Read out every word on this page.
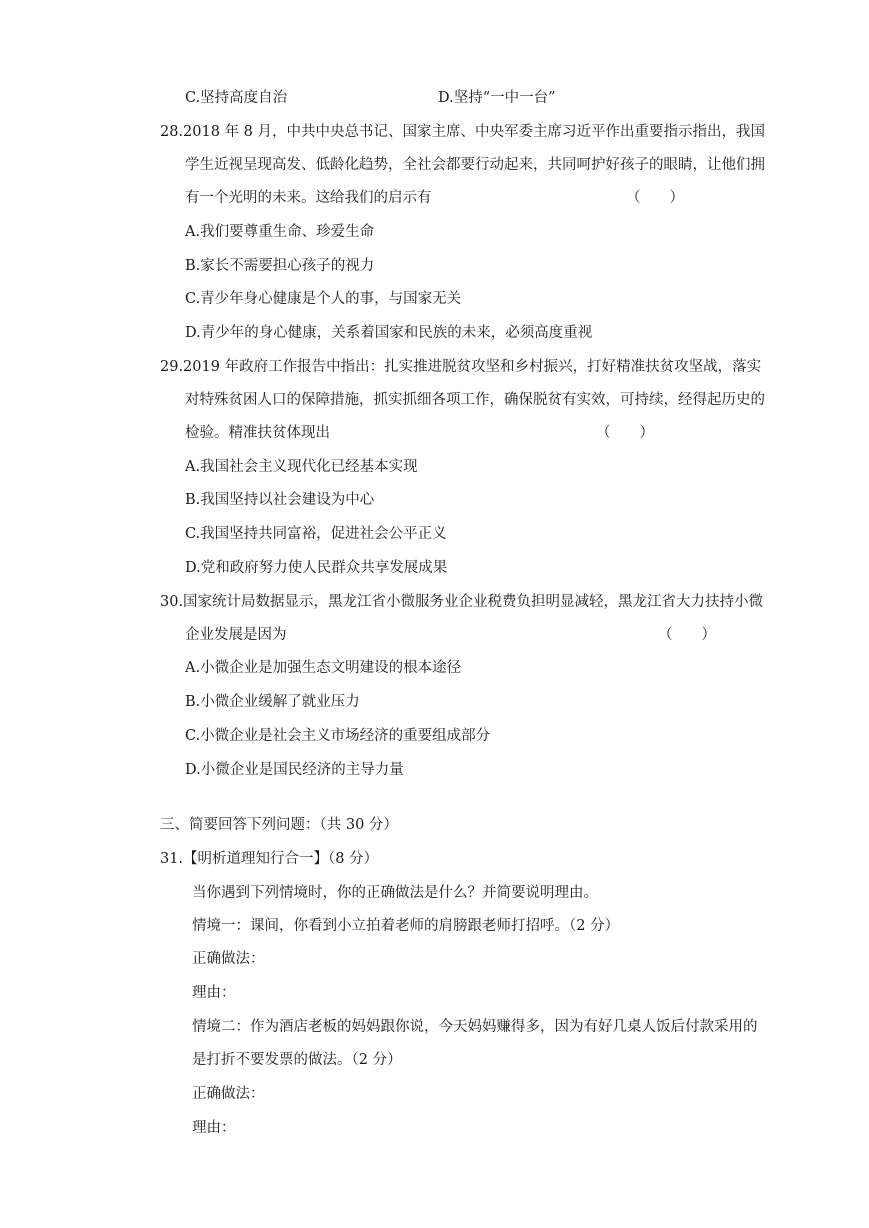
C.坚持高度自治	D.坚持“一中一台”
28.2018 年 8 月，中共中央总书记、国家主席、中央军委主席习近平作出重要指示指出，我国
学生近视呈现高发、低龄化趋势，全社会都要行动起来，共同呵护好孩子的眼睛，让他们拥
有一个光明的未来。这给我们的启示有	（　　）
A.我们要尊重生命、珍爱生命
B.家长不需要担心孩子的视力
C.青少年身心健康是个人的事，与国家无关
D.青少年的身心健康，关系着国家和民族的未来，必须高度重视
29.2019 年政府工作报告中指出：扎实推进脱贫攻坚和乡村振兴，打好精准扶贫攻坚战，落实
对特殊贫困人口的保障措施，抓实抓细各项工作，确保脱贫有实效，可持续，经得起历史的
检验。精准扶贫体现出	（　　）
A.我国社会主义现代化已经基本实现
B.我国坚持以社会建设为中心
C.我国坚持共同富裕，促进社会公平正义
D.党和政府努力使人民群众共享发展成果
30.国家统计局数据显示，黑龙江省小微服务业企业税费负担明显减轻，黑龙江省大力扶持小微
企业发展是因为	（　　）
A.小微企业是加强生态文明建设的根本途径
B.小微企业缓解了就业压力
C.小微企业是社会主义市场经济的重要组成部分
D.小微企业是国民经济的主导力量
三、简要回答下列问题：（共 30 分）
31.【明析道理知行合一】（8 分）
当你遇到下列情境时，你的正确做法是什么？并简要说明理由。
情境一：课间，你看到小立拍着老师的肩膀跟老师打招呼。（2 分）
正确做法：
理由：
情境二：作为酒店老板的妈妈跟你说，今天妈妈赚得多，因为有好几桌人饭后付款采用的
是打折不要发票的做法。（2 分）
正确做法：
理由：
